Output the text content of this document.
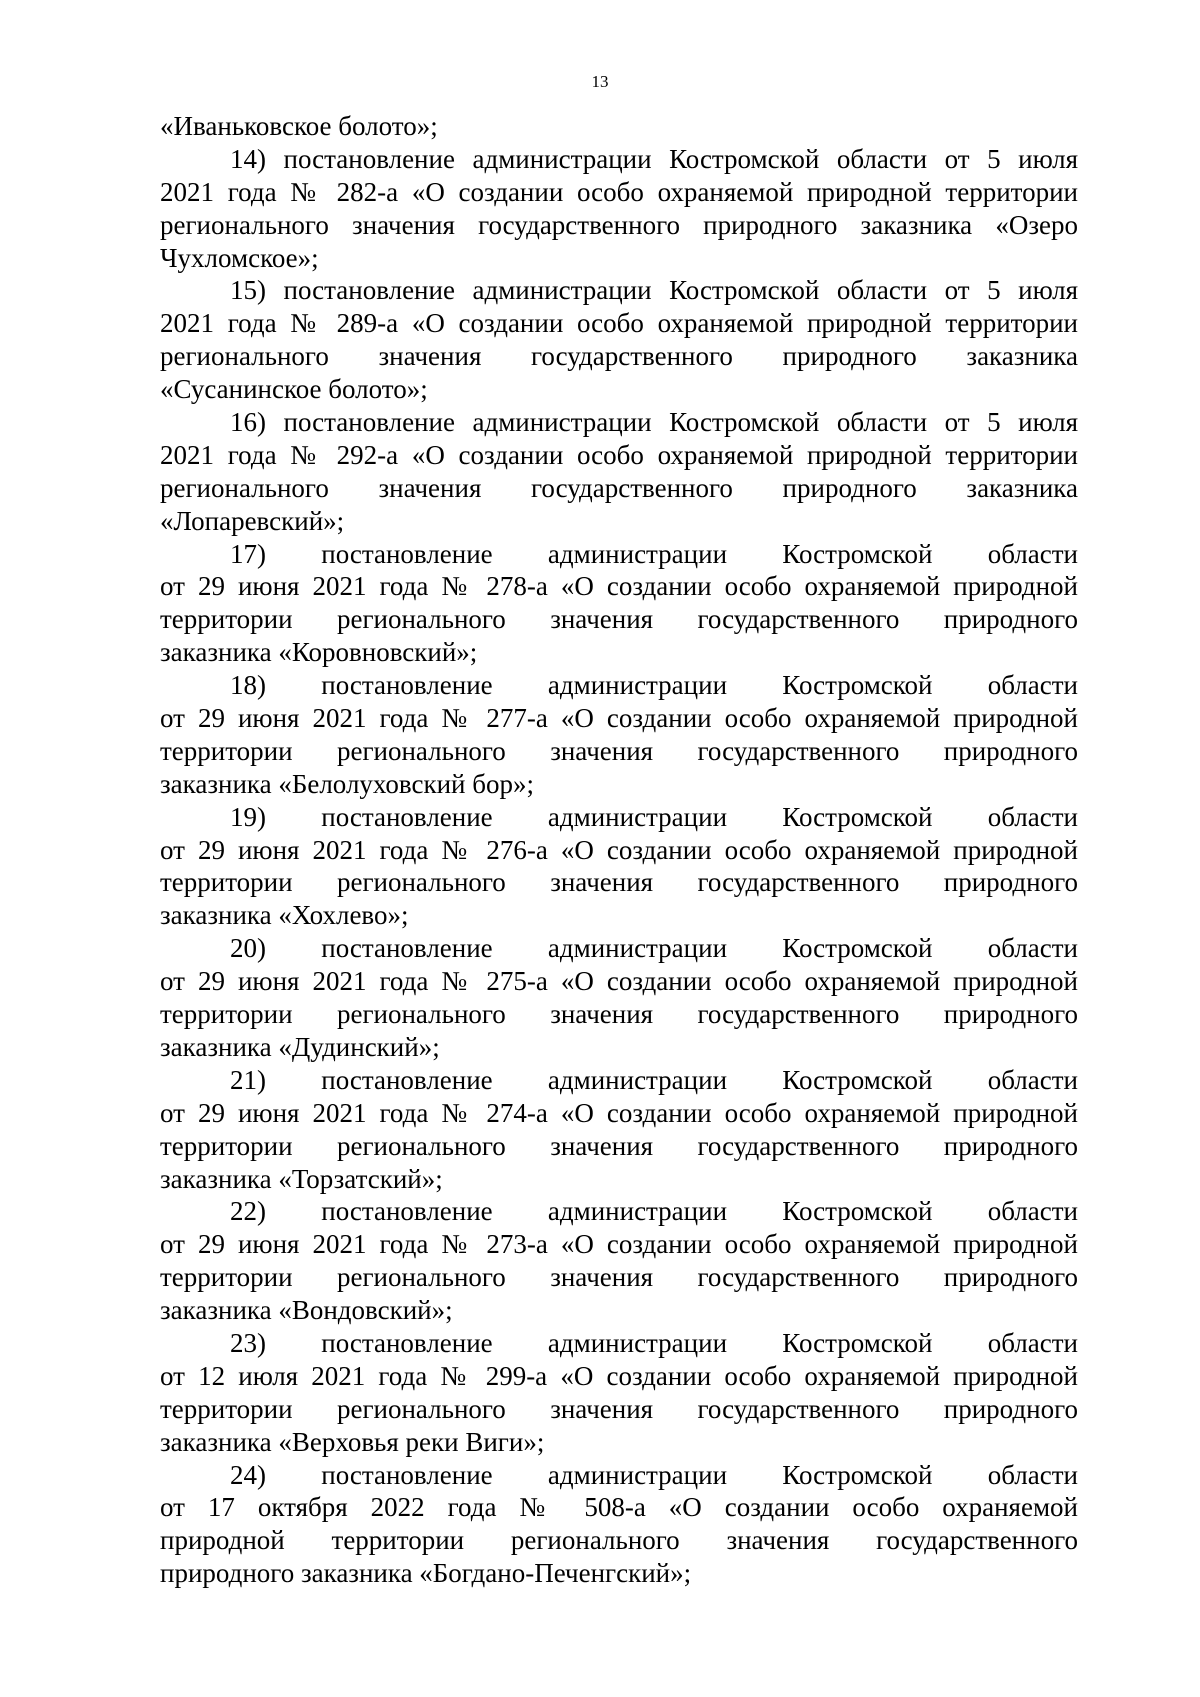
13
«Иваньковское болото»;
14) постановление администрации Костромской области от 5 июля
2021 года № 282-а «О создании особо охраняемой природной территории
регионального значения государственного природного заказника «Озеро
Чухломское»;
15) постановление администрации Костромской области от 5 июля
2021 года № 289-а «О создании особо охраняемой природной территории
регионального значения государственного природного заказника
«Сусанинское болото»;
16) постановление администрации Костромской области от 5 июля
2021 года № 292-а «О создании особо охраняемой природной территории
регионального значения государственного природного заказника
«Лопаревский»;
17) постановление администрации Костромской области
от 29 июня 2021 года № 278-а «О создании особо охраняемой природной
территории регионального значения государственного природного
заказника «Коровновский»;
18) постановление администрации Костромской области
от 29 июня 2021 года № 277-а «О создании особо охраняемой природной
территории регионального значения государственного природного
заказника «Белолуховский бор»;
19) постановление администрации Костромской области
от 29 июня 2021 года № 276-а «О создании особо охраняемой природной
территории регионального значения государственного природного
заказника «Хохлево»;
20) постановление администрации Костромской области
от 29 июня 2021 года № 275-а «О создании особо охраняемой природной
территории регионального значения государственного природного
заказника «Дудинский»;
21) постановление администрации Костромской области
от 29 июня 2021 года № 274-а «О создании особо охраняемой природной
территории регионального значения государственного природного
заказника «Торзатский»;
22) постановление администрации Костромской области
от 29 июня 2021 года № 273-а «О создании особо охраняемой природной
территории регионального значения государственного природного
заказника «Вондовский»;
23) постановление администрации Костромской области
от 12 июля 2021 года № 299-а «О создании особо охраняемой природной
территории регионального значения государственного природного
заказника «Верховья реки Виги»;
24) постановление администрации Костромской области
от 17 октября 2022 года № 508-а «О создании особо охраняемой
природной территории регионального значения государственного
природного заказника «Богдано-Печенгский»;
